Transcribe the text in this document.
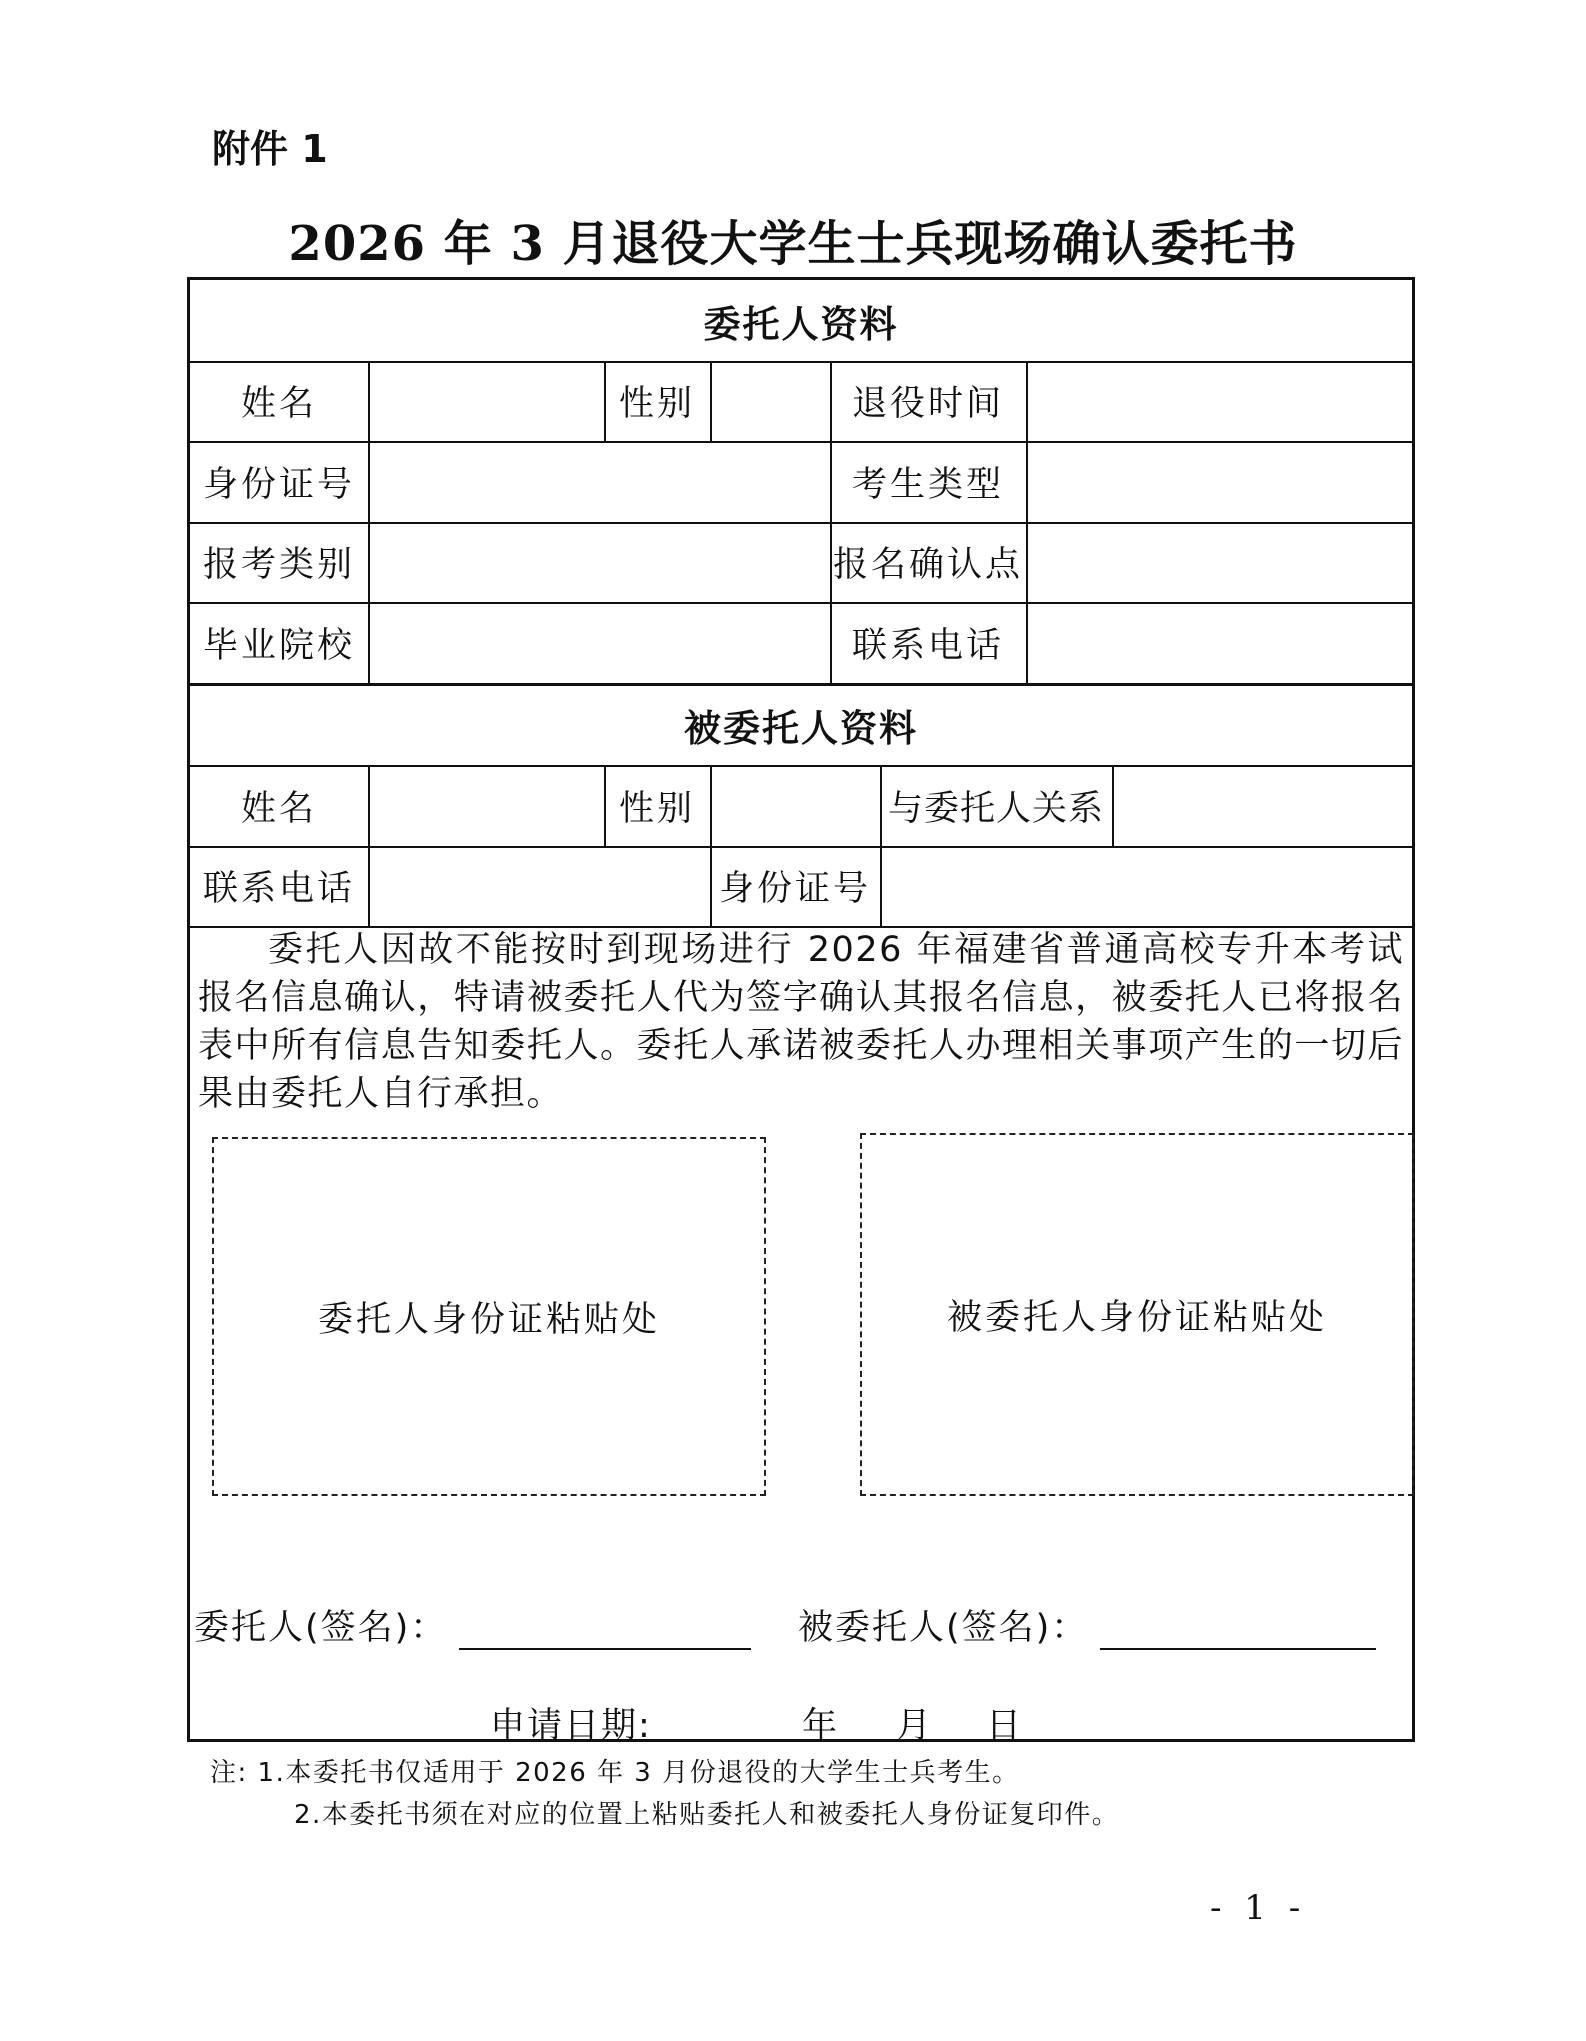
附件 1
2026 年 3 月退役大学生士兵现场确认委托书
委托人资料
姓名	性别	退役时间
身份证号	考生类型
报考类别	报名确认点
毕业院校	联系电话
被委托人资料
姓名	性别	与委托人关系
联系电话	身份证号
委托人因故不能按时到现场进行 2026 年福建省普通高校专升本考试报名信息确认，特请被委托人代为签字确认其报名信息，被委托人已将报名表中所有信息告知委托人。委托人承诺被委托人办理相关事项产生的一切后果由委托人自行承担。
委托人身份证粘贴处	被委托人身份证粘贴处
委托人(签名)：	被委托人(签名)：
申请日期:	年 月 日
注: 1.本委托书仅适用于 2026 年 3 月份退役的大学生士兵考生。
2.本委托书须在对应的位置上粘贴委托人和被委托人身份证复印件。
- 1 -
